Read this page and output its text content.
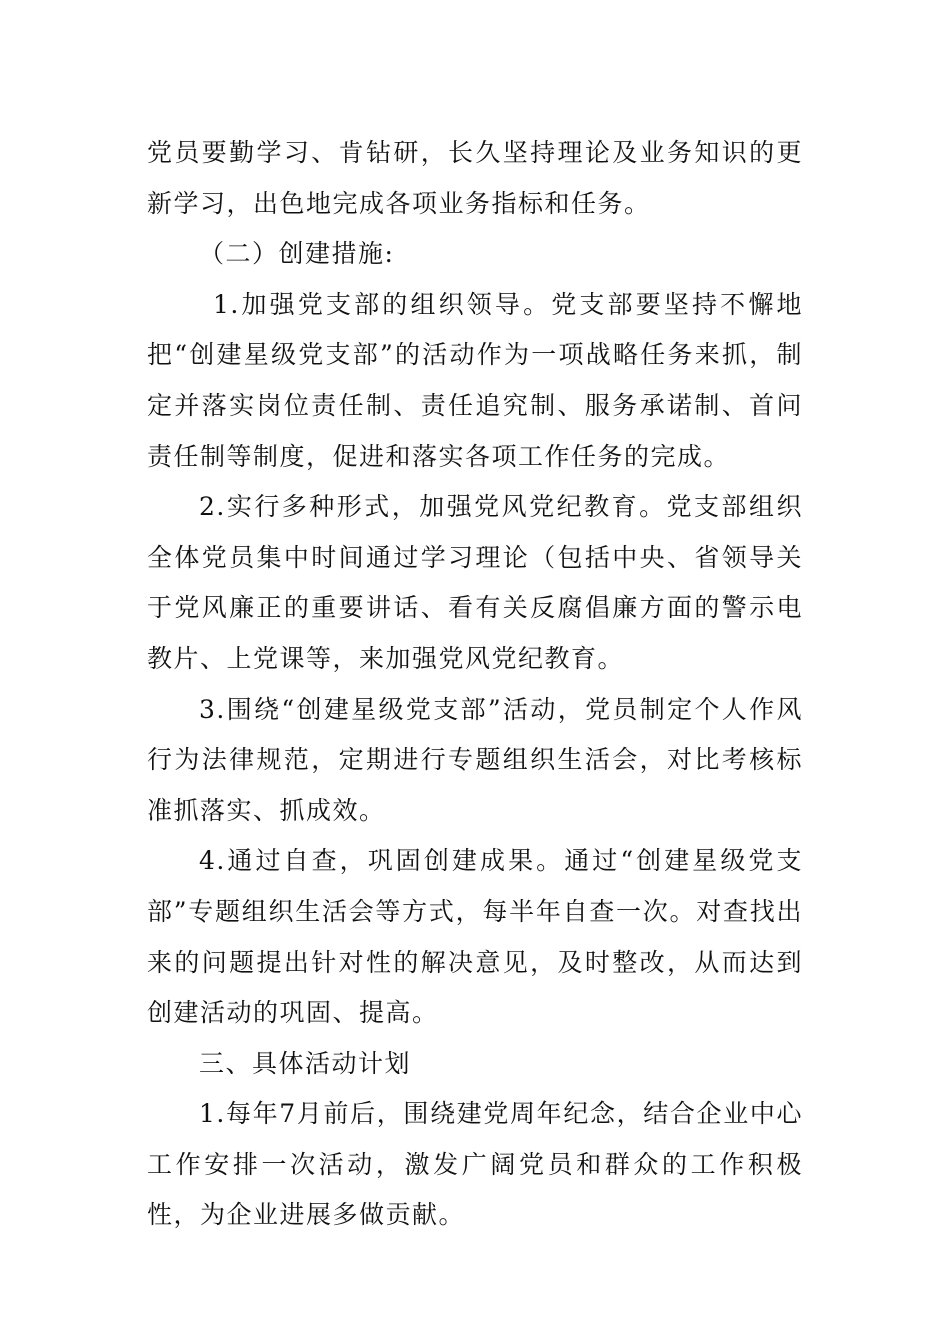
党员要勤学习、肯钻研，长久坚持理论及业务知识的更新学习，出色地完成各项业务指标和任务。

（二）创建措施:

1.加强党支部的组织领导。党支部要坚持不懈地把“创建星级党支部”的活动作为一项战略任务来抓，制定并落实岗位责任制、责任追究制、服务承诺制、首问责任制等制度，促进和落实各项工作任务的完成。

2.实行多种形式，加强党风党纪教育。党支部组织全体党员集中时间通过学习理论（包括中央、省领导关于党风廉正的重要讲话、看有关反腐倡廉方面的警示电教片、上党课等，来加强党风党纪教育。

3.围绕“创建星级党支部”活动，党员制定个人作风行为法律规范，定期进行专题组织生活会，对比考核标准抓落实、抓成效。

4.通过自查，巩固创建成果。通过“创建星级党支部”专题组织生活会等方式，每半年自查一次。对查找出来的问题提出针对性的解决意见，及时整改，从而达到创建活动的巩固、提高。

三、具体活动计划

1.每年7月前后，围绕建党周年纪念，结合企业中心工作安排一次活动，激发广阔党员和群众的工作积极性，为企业进展多做贡献。
